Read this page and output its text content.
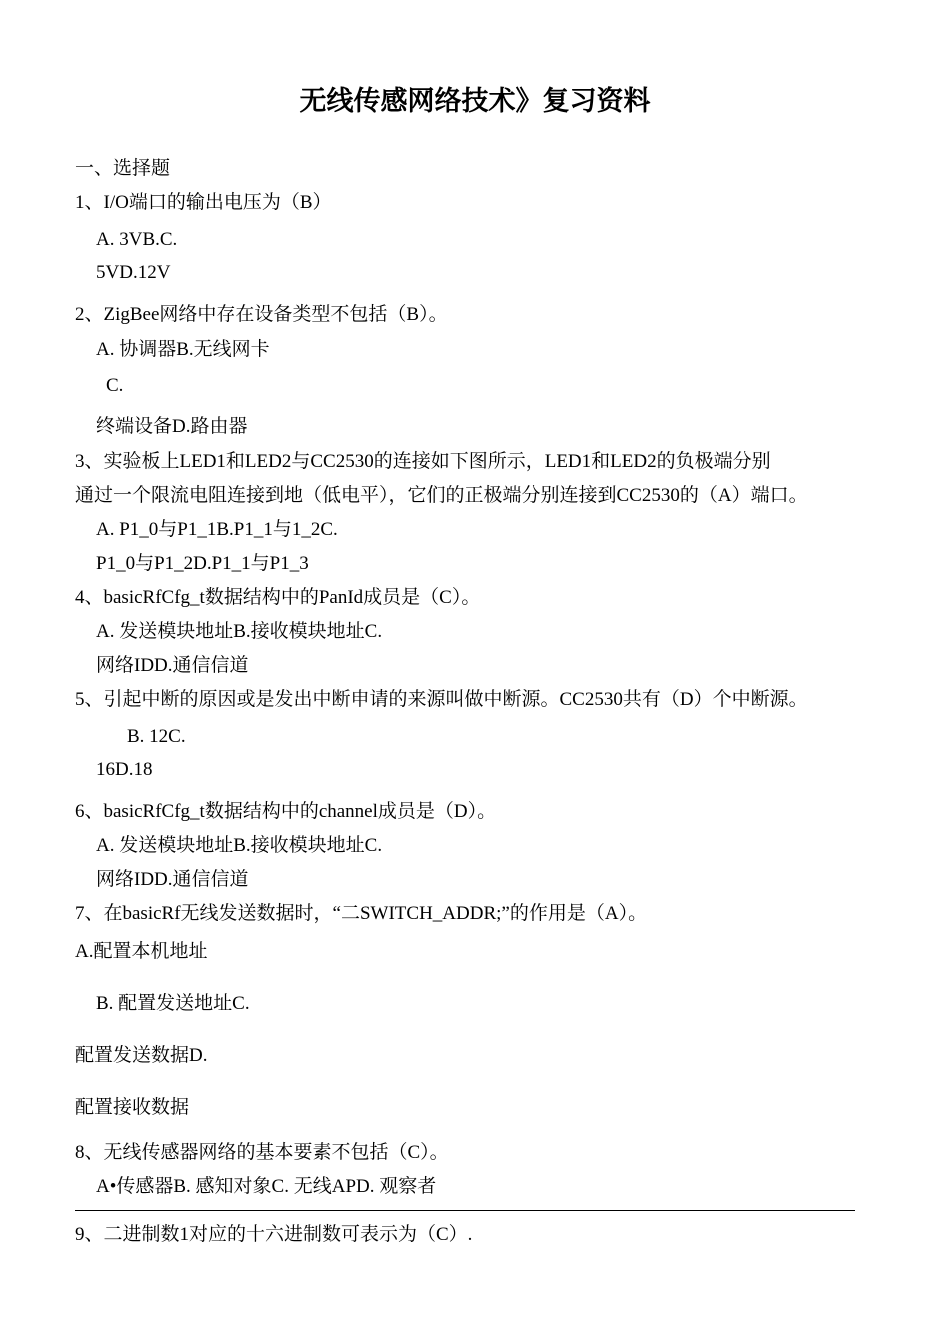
无线传感网络技术》复习资料
一、选择题
1、I/O端口的输出电压为（B）
A. 3VB.C.
5VD.12V
2、ZigBee网络中存在设备类型不包括（B）。
A. 协调器B.无线网卡
C.
终端设备D.路由器
3、实验板上LED1和LED2与CC2530的连接如下图所示，LED1和LED2的负极端分别
通过一个限流电阻连接到地（低电平），它们的正极端分别连接到CC2530的（A）端口。
A. P1_0与P1_1B.P1_1与1_2C.
P1_0与P1_2D.P1_1与P1_3
4、basicRfCfg_t数据结构中的PanId成员是（C）。
A. 发送模块地址B.接收模块地址C.
网络IDD.通信信道
5、引起中断的原因或是发出中断申请的来源叫做中断源。CC2530共有（D）个中断源。
B. 12C.
16D.18
6、basicRfCfg_t数据结构中的channel成员是（D）。
A. 发送模块地址B.接收模块地址C.
网络IDD.通信信道
7、在basicRf无线发送数据时，“二SWITCH_ADDR;”的作用是（A）。
A.配置本机地址
B. 配置发送地址C.
配置发送数据D.
配置接收数据
8、无线传感器网络的基本要素不包括（C）。
A•传感器B. 感知对象C. 无线APD. 观察者
9、二进制数1对应的十六进制数可表示为（C）.
